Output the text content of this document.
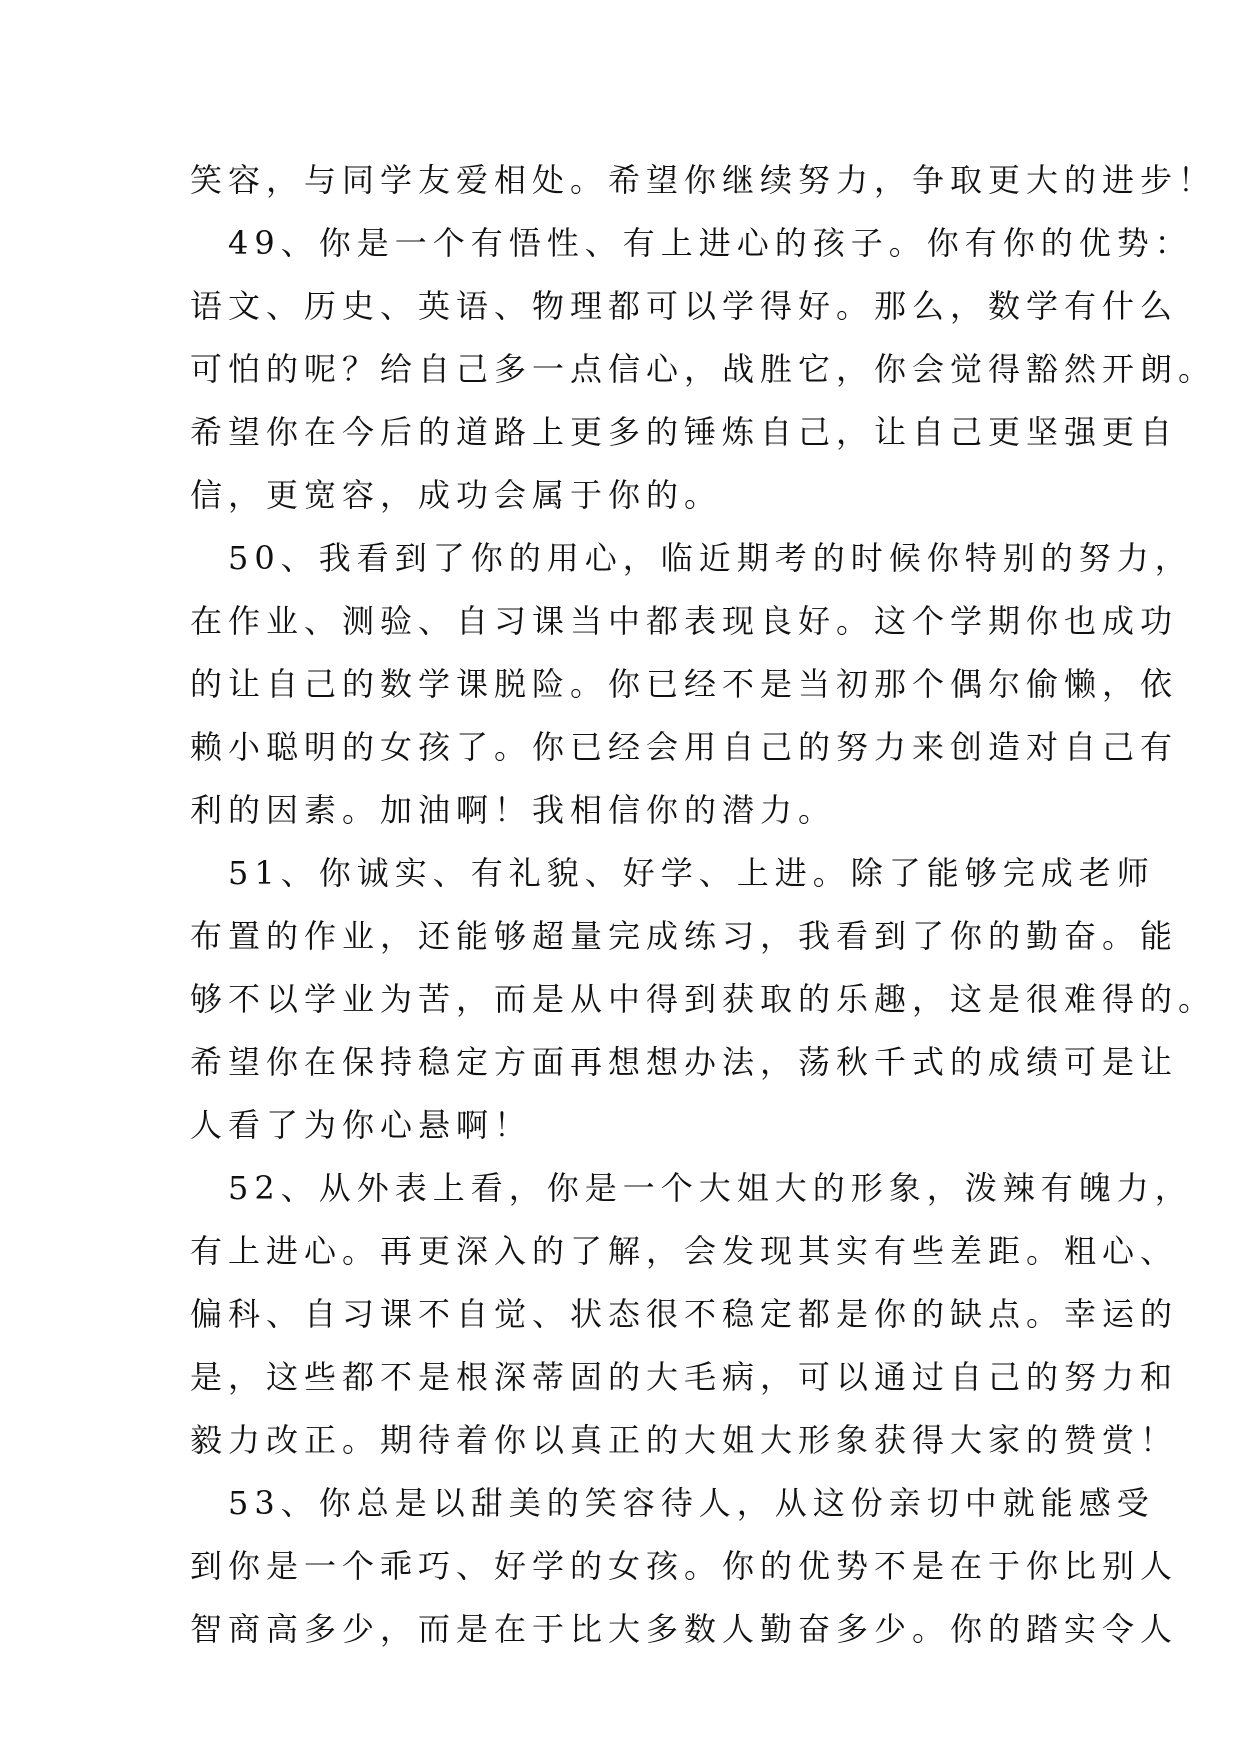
笑容，与同学友爱相处。希望你继续努力，争取更大的进步！
　49、你是一个有悟性、有上进心的孩子。你有你的优势：
语文、历史、英语、物理都可以学得好。那么，数学有什么
可怕的呢？给自己多一点信心，战胜它，你会觉得豁然开朗。
希望你在今后的道路上更多的锤炼自己，让自己更坚强更自
信，更宽容，成功会属于你的。
　50、我看到了你的用心，临近期考的时候你特别的努力，
在作业、测验、自习课当中都表现良好。这个学期你也成功
的让自己的数学课脱险。你已经不是当初那个偶尔偷懒，依
赖小聪明的女孩了。你已经会用自己的努力来创造对自己有
利的因素。加油啊！我相信你的潜力。
　51、你诚实、有礼貌、好学、上进。除了能够完成老师
布置的作业，还能够超量完成练习，我看到了你的勤奋。能
够不以学业为苦，而是从中得到获取的乐趣，这是很难得的。
希望你在保持稳定方面再想想办法，荡秋千式的成绩可是让
人看了为你心悬啊！
　52、从外表上看，你是一个大姐大的形象，泼辣有魄力，
有上进心。再更深入的了解，会发现其实有些差距。粗心、
偏科、自习课不自觉、状态很不稳定都是你的缺点。幸运的
是，这些都不是根深蒂固的大毛病，可以通过自己的努力和
毅力改正。期待着你以真正的大姐大形象获得大家的赞赏！
　53、你总是以甜美的笑容待人，从这份亲切中就能感受
到你是一个乖巧、好学的女孩。你的优势不是在于你比别人
智商高多少，而是在于比大多数人勤奋多少。你的踏实令人
